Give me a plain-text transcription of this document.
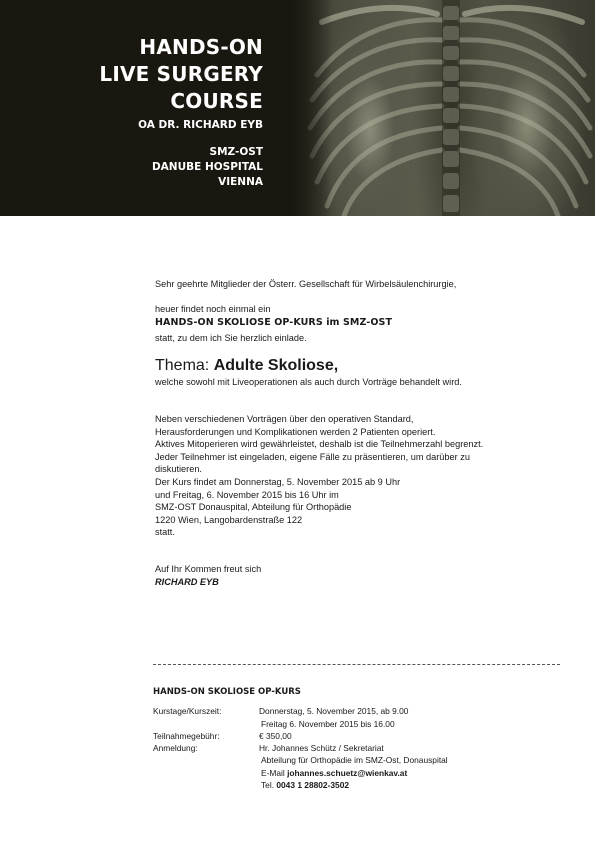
HANDS-ON
LIVE SURGERY
COURSE
OA DR. RICHARD EYB
SMZ-OST
DANUBE HOSPITAL
VIENNA

Sehr geehrte Mitglieder der Österr. Gesellschaft für Wirbelsäulenchirurgie,

heuer findet noch einmal ein

HANDS-ON SKOLIOSE OP-KURS im SMZ-OST

statt, zu dem ich Sie herzlich einlade.

Thema: Adulte Skoliose,

welche sowohl mit Liveoperationen als auch durch Vorträge behandelt wird.

Neben verschiedenen Vorträgen über den operativen Standard,

Herausforderungen und Komplikationen werden 2 Patienten operiert.

Aktives Mitoperieren wird gewährleistet, deshalb ist die Teilnehmerzahl begrenzt.

Jeder Teilnehmer ist eingeladen, eigene Fälle zu präsentieren, um darüber zu

diskutieren.

Der Kurs findet am Donnerstag, 5. November 2015 ab 9 Uhr

und Freitag, 6. November 2015 bis 16 Uhr im

SMZ-OST Donauspital, Abteilung für Orthopädie

1220 Wien, Langobardenstraße 122

statt.

Auf Ihr Kommen freut sich

RICHARD EYB

HANDS-ON SKOLIOSE OP-KURS
Kurstage/Kurszeit:	Donnerstag, 5. November 2015, ab 9.00
Freitag 6. November 2015 bis 16.00
Teilnahmegebühr:	€ 350,00
Anmeldung:	Hr. Johannes Schütz / Sekretariat
Abteilung für Orthopädie im SMZ-Ost, Donauspital
E-Mail johannes.schuetz@wienkav.at
Tel. 0043 1 28802-3502
